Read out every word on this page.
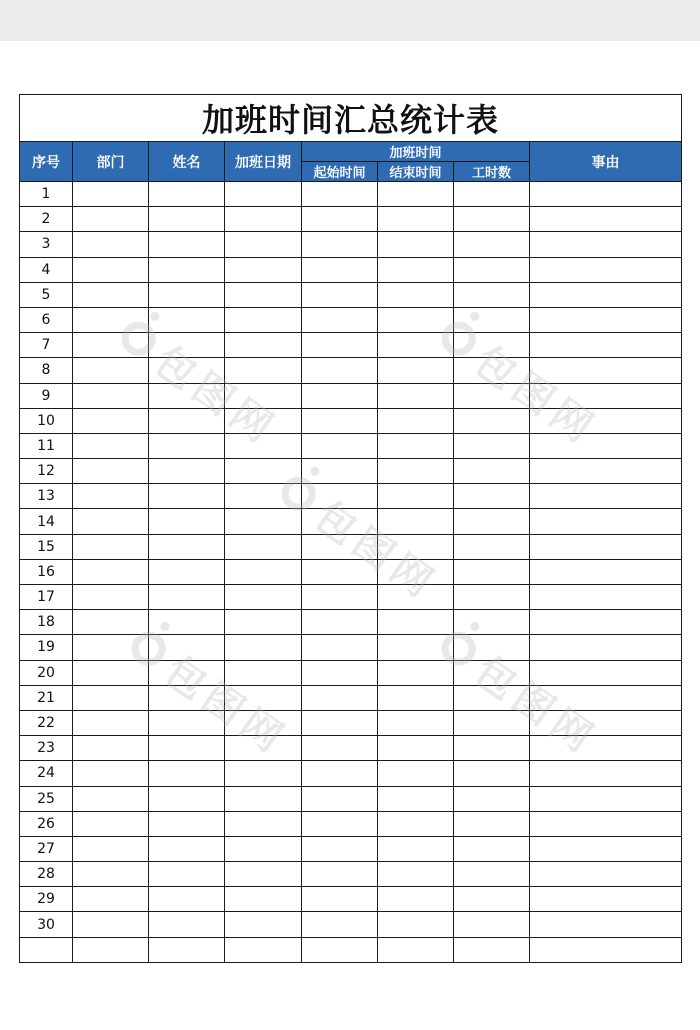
加班时间汇总统计表							
序号	部门	姓名	加班日期	加班时间			事由
				起始时间	结束时间	工时数	
1							
2							
3							
4							
5							
6							
7							
8							
9							
10							
11							
12							
13							
14							
15							
16							
17							
18							
19							
20							
21							
22							
23							
24							
25							
26							
27							
28							
29							
30							

包图网	包图网
包图网
包图网	包图网
